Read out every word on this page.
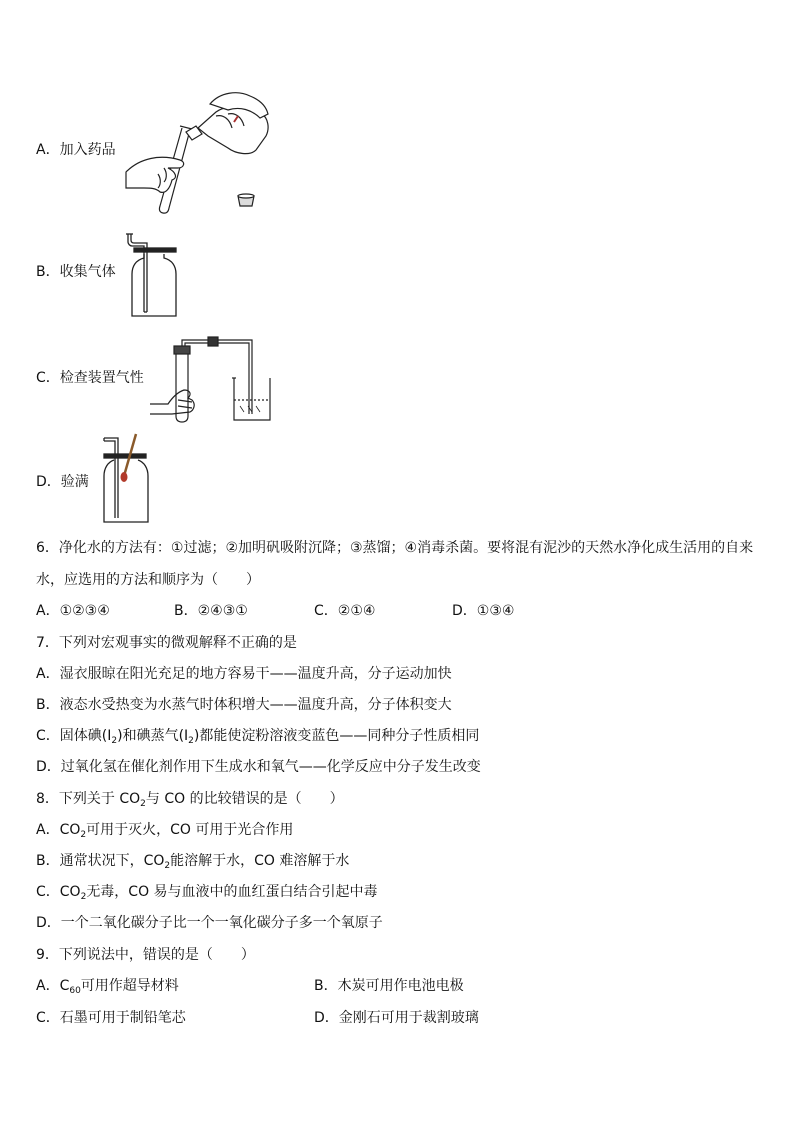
A．加入药品
B．收集气体
C．检查装置气性
D．验满
6．净化水的方法有：①过滤；②加明矾吸附沉降；③蒸馏；④消毒杀菌。要将混有泥沙的天然水净化成生活用的自来
水，应选用的方法和顺序为（　　）
A．①②③④	B．②④③①	C．②①④	D．①③④
7．下列对宏观事实的微观解释不正确的是
A．湿衣服晾在阳光充足的地方容易干——温度升高，分子运动加快
B．液态水受热变为水蒸气时体积增大——温度升高，分子体积变大
C．固体碘$(I_2)$和碘蒸气$(I_2)$都能使淀粉溶液变蓝色——同种分子性质相同
D．过氧化氢在催化剂作用下生成水和氧气——化学反应中分子发生改变
8．下列关于 $CO_2$与 CO 的比较错误的是（　　）
A．$CO_2$可用于灭火，CO 可用于光合作用
B．通常状况下，$CO_2$能溶解于水，CO 难溶解于水
C．$CO_2$无毒，CO 易与血液中的血红蛋白结合引起中毒
D．一个二氧化碳分子比一个一氧化碳分子多一个氧原子
9．下列说法中，错误的是（　　）
A．$C_{60}$可用作超导材料	B．木炭可用作电池电极
C．石墨可用于制铅笔芯	D．金刚石可用于裁割玻璃
